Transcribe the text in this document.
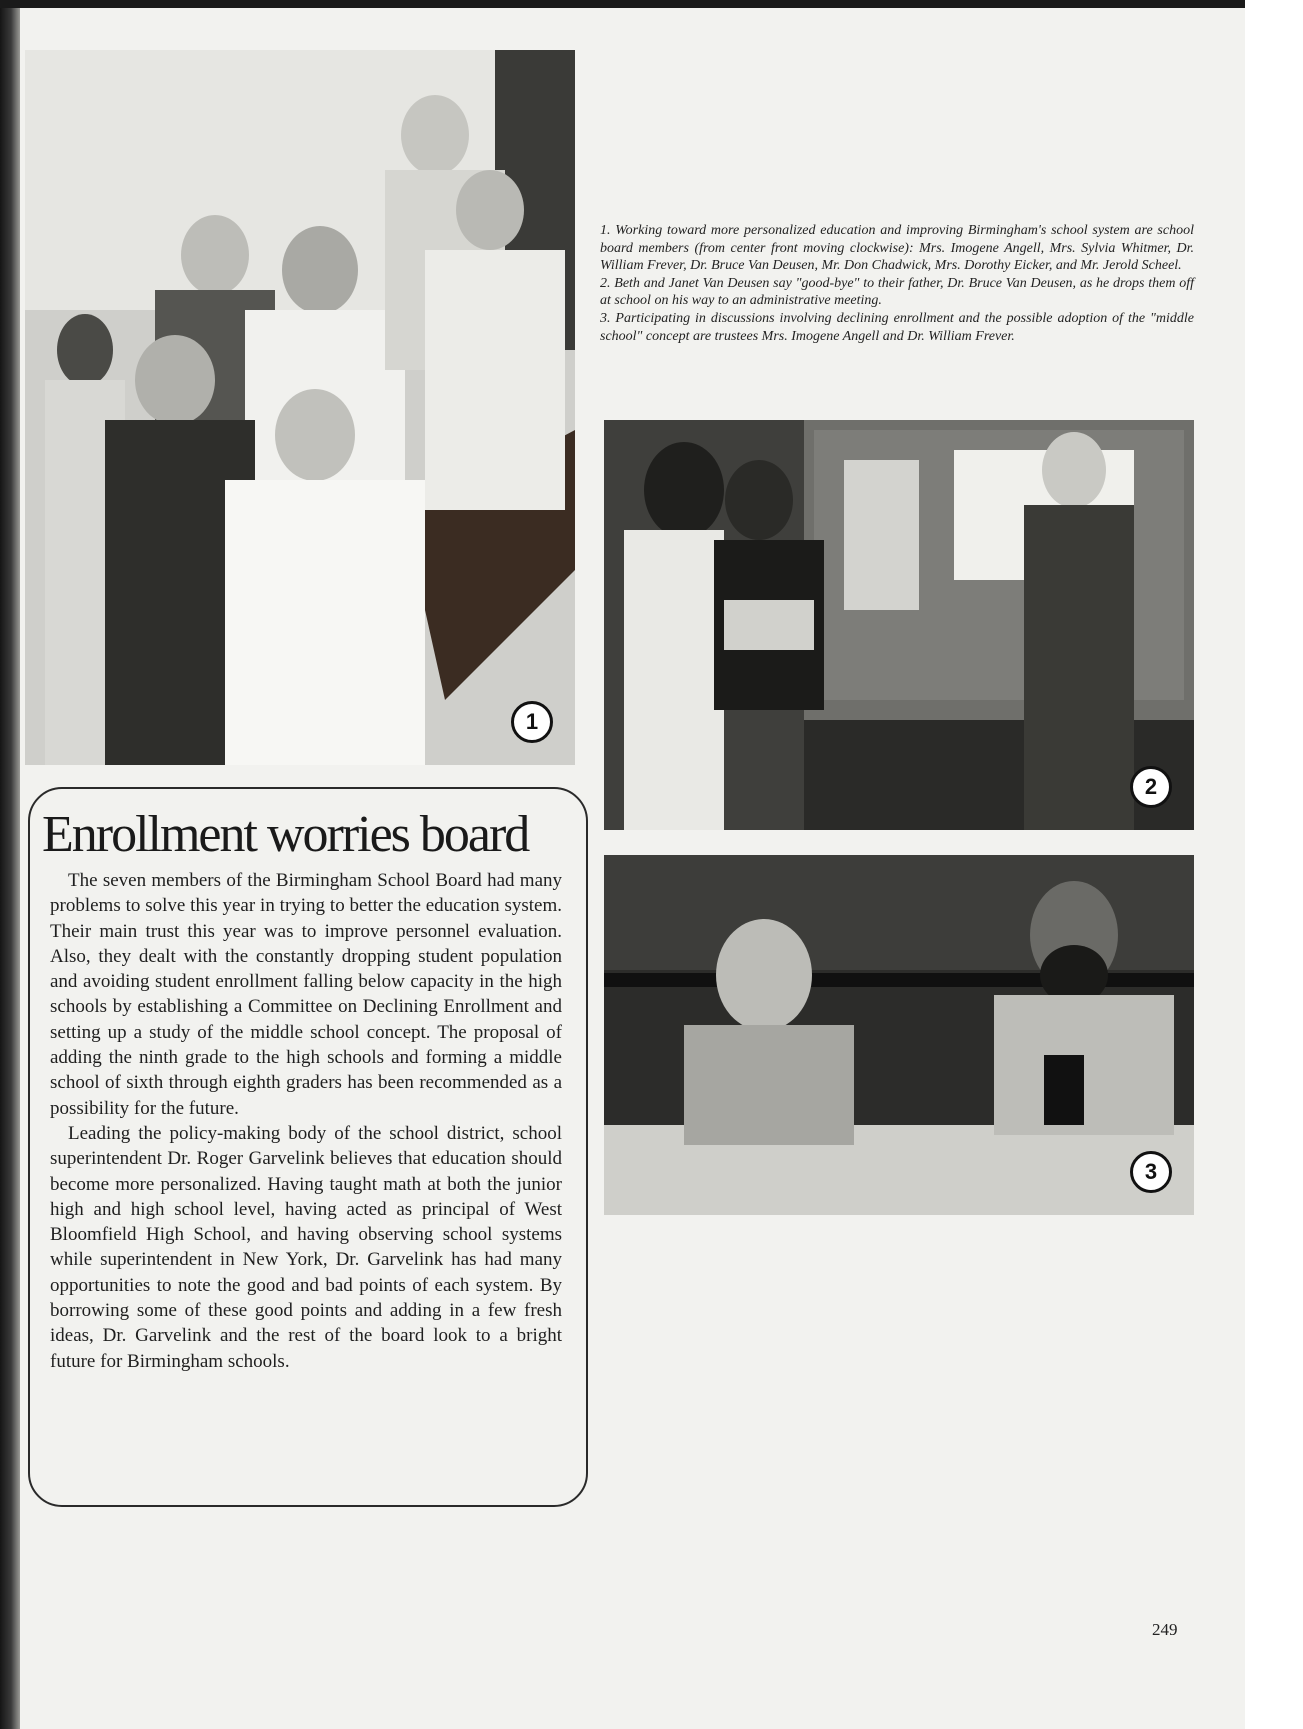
1

1. Working toward more personalized education and improving Birmingham's school system are school board members (from center front moving clockwise): Mrs. Imogene Angell, Mrs. Sylvia Whitmer, Dr. William Frever, Dr. Bruce Van Deusen, Mr. Don Chadwick, Mrs. Dorothy Eicker, and Mr. Jerold Scheel.

2. Beth and Janet Van Deusen say "good-bye" to their father, Dr. Bruce Van Deusen, as he drops them off at school on his way to an administrative meeting.

3. Participating in discussions involving declining enrollment and the possible adoption of the "middle school" concept are trustees Mrs. Imogene Angell and Dr. William Frever.

2
3
Enrollment worries board

The seven members of the Birmingham School Board had many problems to solve this year in trying to better the education system. Their main trust this year was to improve personnel evaluation. Also, they dealt with the constantly dropping student population and avoiding student enrollment falling below capacity in the high schools by establishing a Committee on Declining Enrollment and setting up a study of the middle school concept. The proposal of adding the ninth grade to the high schools and forming a middle school of sixth through eighth graders has been recommended as a possibility for the future.

Leading the policy-making body of the school district, school superintendent Dr. Roger Garvelink believes that education should become more personalized. Having taught math at both the junior high and high school level, having acted as principal of West Bloomfield High School, and having observing school systems while superintendent in New York, Dr. Garvelink has had many opportunities to note the good and bad points of each system. By borrowing some of these good points and adding in a few fresh ideas, Dr. Garvelink and the rest of the board look to a bright future for Birmingham schools.

249
